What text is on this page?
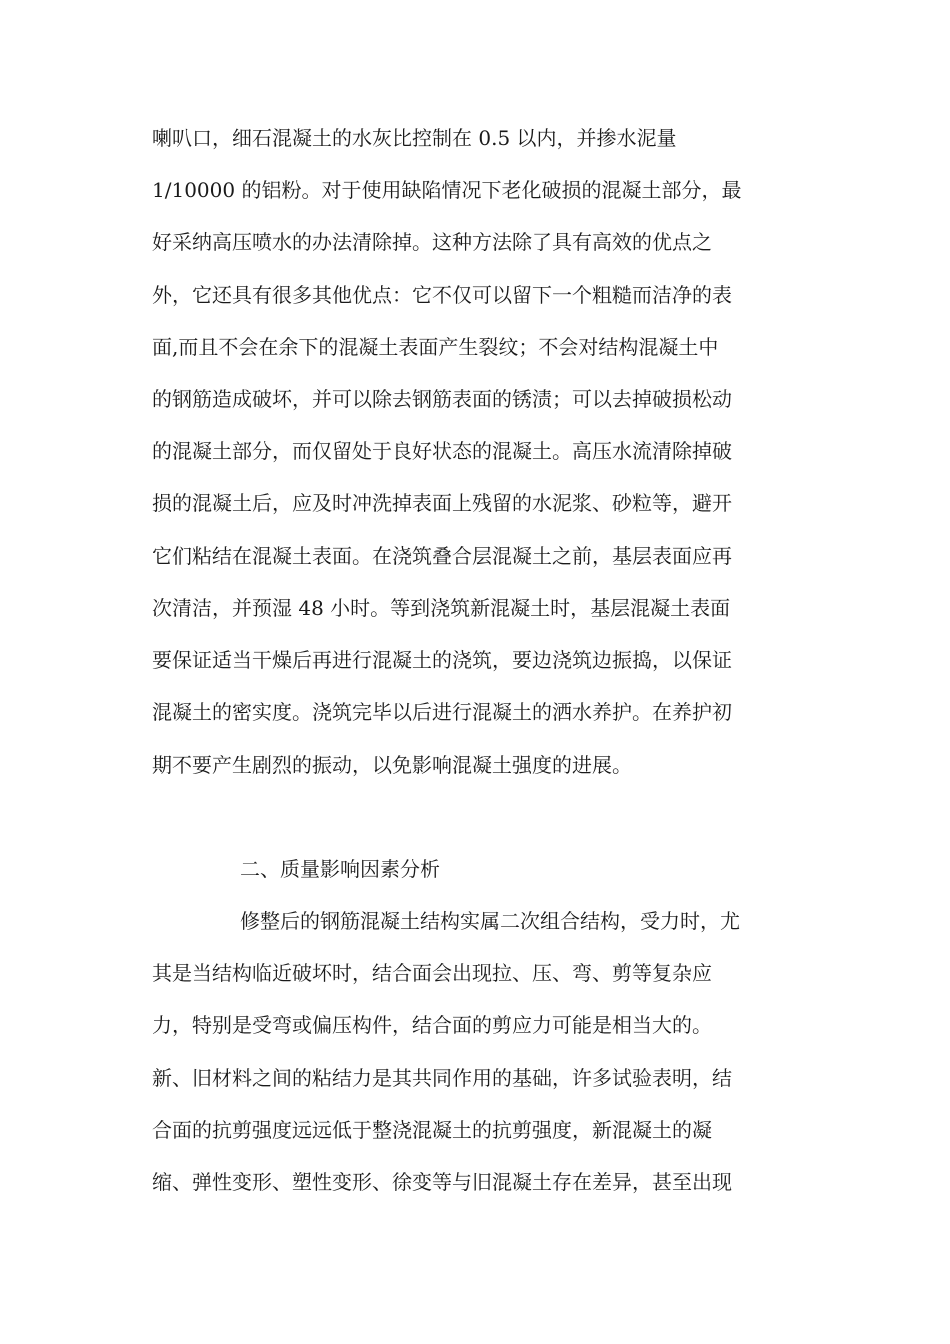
喇叭口，细石混凝土的水灰比控制在 0.5 以内，并掺水泥量
1/10000 的铝粉。对于使用缺陷情况下老化破损的混凝土部分，最
好采纳高压喷水的办法清除掉。这种方法除了具有高效的优点之
外，它还具有很多其他优点：它不仅可以留下一个粗糙而洁净的表
面,而且不会在余下的混凝土表面产生裂纹；不会对结构混凝土中
的钢筋造成破坏，并可以除去钢筋表面的锈渍；可以去掉破损松动
的混凝土部分，而仅留处于良好状态的混凝土。高压水流清除掉破
损的混凝土后，应及时冲洗掉表面上残留的水泥浆、砂粒等，避开
它们粘结在混凝土表面。在浇筑叠合层混凝土之前，基层表面应再
次清洁，并预湿 48 小时。等到浇筑新混凝土时，基层混凝土表面
要保证适当干燥后再进行混凝土的浇筑，要边浇筑边振捣，以保证
混凝土的密实度。浇筑完毕以后进行混凝土的洒水养护。在养护初
期不要产生剧烈的振动，以免影响混凝土强度的进展。
二、质量影响因素分析
修整后的钢筋混凝土结构实属二次组合结构，受力时，尤
其是当结构临近破坏时，结合面会出现拉、压、弯、剪等复杂应
力，特别是受弯或偏压构件，结合面的剪应力可能是相当大的。
新、旧材料之间的粘结力是其共同作用的基础，许多试验表明，结
合面的抗剪强度远远低于整浇混凝土的抗剪强度，新混凝土的凝
缩、弹性变形、塑性变形、徐变等与旧混凝土存在差异，甚至出现
